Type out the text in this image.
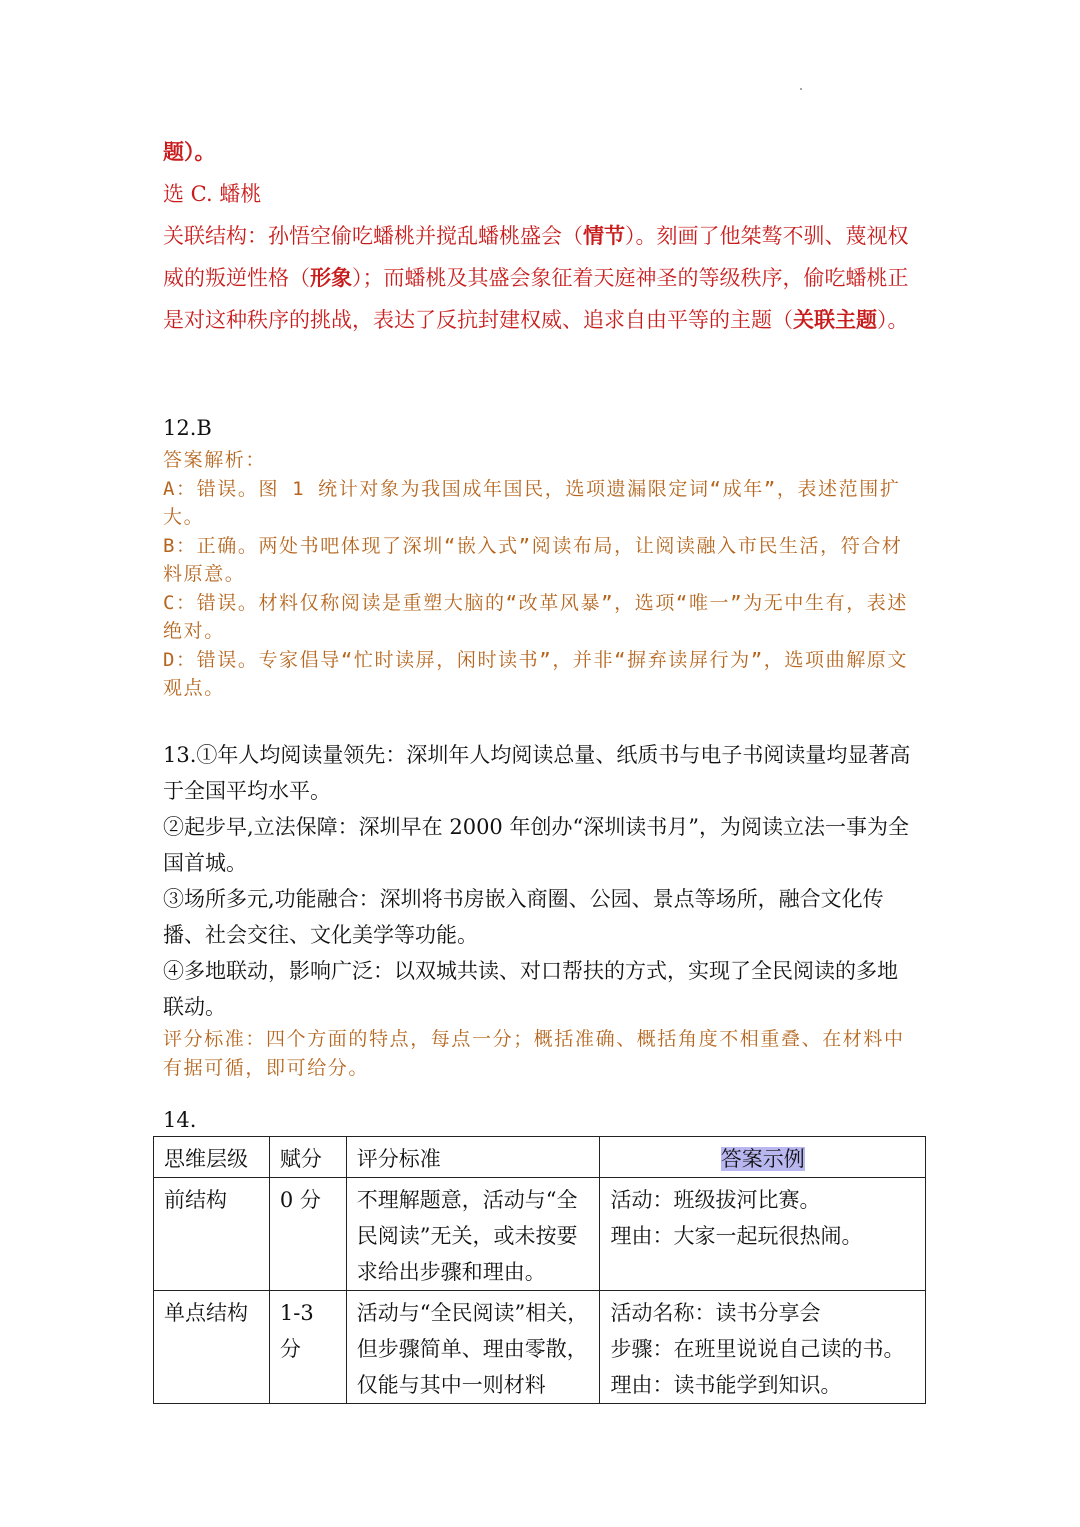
题）。

选 C. 蟠桃

关联结构：孙悟空偷吃蟠桃并搅乱蟠桃盛会（情节）。刻画了他桀骜不驯、蔑视权威的叛逆性格（形象）；而蟠桃及其盛会象征着天庭神圣的等级秩序，偷吃蟠桃正是对这种秩序的挑战，表达了反抗封建权威、追求自由平等的主题（关联主题）。

12.B

答案解析：

A：错误。图 1 统计对象为我国成年国民，选项遗漏限定词“成年”，表述范围扩大。

B：正确。两处书吧体现了深圳“嵌入式”阅读布局，让阅读融入市民生活，符合材料原意。

C：错误。材料仅称阅读是重塑大脑的“改革风暴”，选项“唯一”为无中生有，表述绝对。

D：错误。专家倡导“忙时读屏，闲时读书”，并非“摒弃读屏行为”，选项曲解原文观点。

13.①年人均阅读量领先：深圳年人均阅读总量、纸质书与电子书阅读量均显著高于全国平均水平。

②起步早,立法保障：深圳早在 2000 年创办“深圳读书月”，为阅读立法一事为全国首城。

③场所多元,功能融合：深圳将书房嵌入商圈、公园、景点等场所，融合文化传播、社会交往、文化美学等功能。

④多地联动，影响广泛：以双城共读、对口帮扶的方式，实现了全民阅读的多地联动。

评分标准：四个方面的特点，每点一分；概括准确、概括角度不相重叠、在材料中有据可循，即可给分。

14.

思维层级	赋分	评分标准	答案示例
前结构	0 分	不理解题意，活动与“全民阅读”无关，或未按要求给出步骤和理由。	活动：班级拔河比赛。
理由：大家一起玩很热闹。

单点结构	1-3 分	活动与“全民阅读”相关，但步骤简单、理由零散，仅能与其中一则材料	活动名称：读书分享会
步骤：在班里说说自己读的书。
理由：读书能学到知识。
